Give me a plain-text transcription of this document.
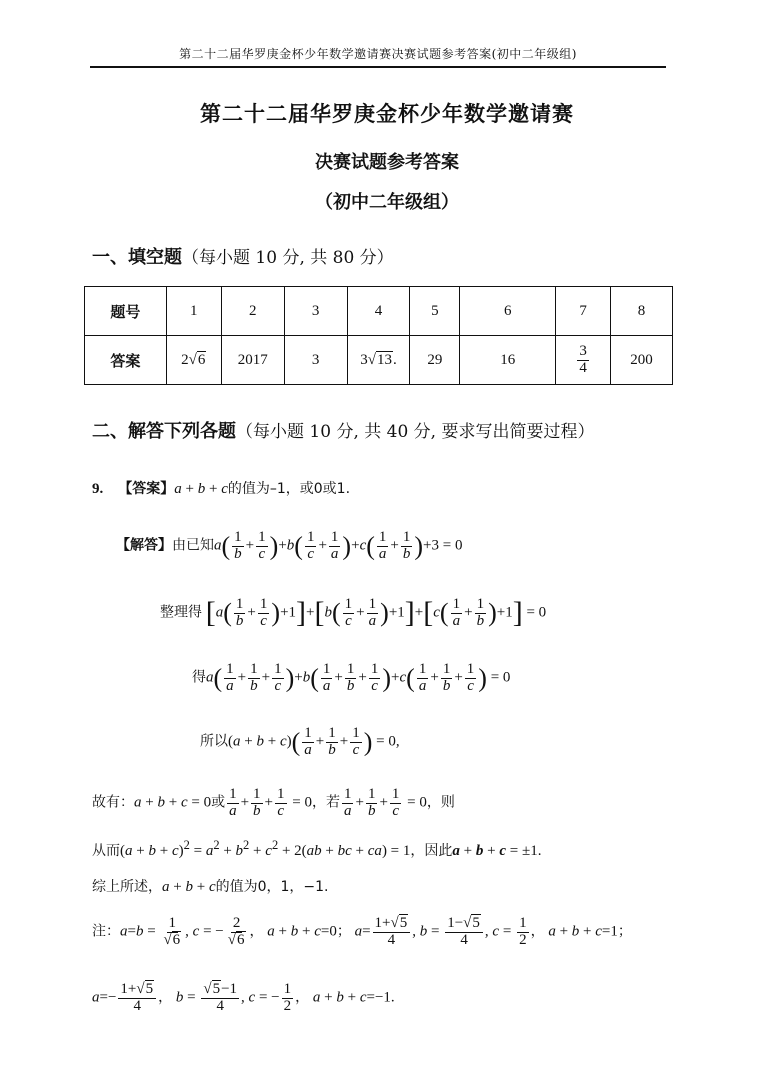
第二十二届华罗庚金杯少年数学邀请赛决赛试题参考答案(初中二年级组)
第二十二届华罗庚金杯少年数学邀请赛
决赛试题参考答案
（初中二年级组）
一、填空题（每小题 10 分, 共 80 分）
题号	1	2	3	4	5	6	7	8
答案	2√6	2017	3	3√13.	29	16	$\frac{3}{4}$	200
二、解答下列各题（每小题 10 分, 共 40 分, 要求写出简要过程）
9. 【答案】a + b + c的值为–1，或0或1.
【解答】由已知$a( \frac{1}{b} + \frac{1}{c} )+b( \frac{1}{c} + \frac{1}{a} )+c( \frac{1}{a} + \frac{1}{b} )+3 = 0$
整理得 $[a( \frac{1}{b} + \frac{1}{c} )+1]+[b( \frac{1}{c} + \frac{1}{a} )+1]+[c( \frac{1}{a} + \frac{1}{b} )+1] = 0$
得$a( \frac{1}{a} + \frac{1}{b} + \frac{1}{c} )+b( \frac{1}{a} + \frac{1}{b} + \frac{1}{c} )+c( \frac{1}{a} + \frac{1}{b} + \frac{1}{c}$ ) = 0
所以$(a + b + c)( \frac{1}{a} + \frac{1}{b} + \frac{1}{c}$ ) = 0,
故有：a + b + c = 0或 $\frac{1}{a} + \frac{1}{b} + \frac{1}{c} = 0$，若 $\frac{1}{a} + \frac{1}{b} + \frac{1}{c} = 0$，则
从而$(a + b + c)^2 = a^2 + b^2 + c^2 + 2(ab$ + bc + ca) = 1，因此a + b + c = ±1.
综上所述，a + b + c的值为0，1，−1.
注：$a=b = \frac{1}{√6}$ , c = − $\frac{2}{√6}$ ， a + b + c=0； $a= \frac{1+√5}{4}$ , $b = \frac{1-√5}{4}$ , $c = \frac{1}{2}$ ， a + b + c=1；
$a=- \frac{1+√5}{4}$ ， $b = \frac{√5-1}{4}$ , c = − $\frac{1}{2}$ ， a + b + c=−1.
